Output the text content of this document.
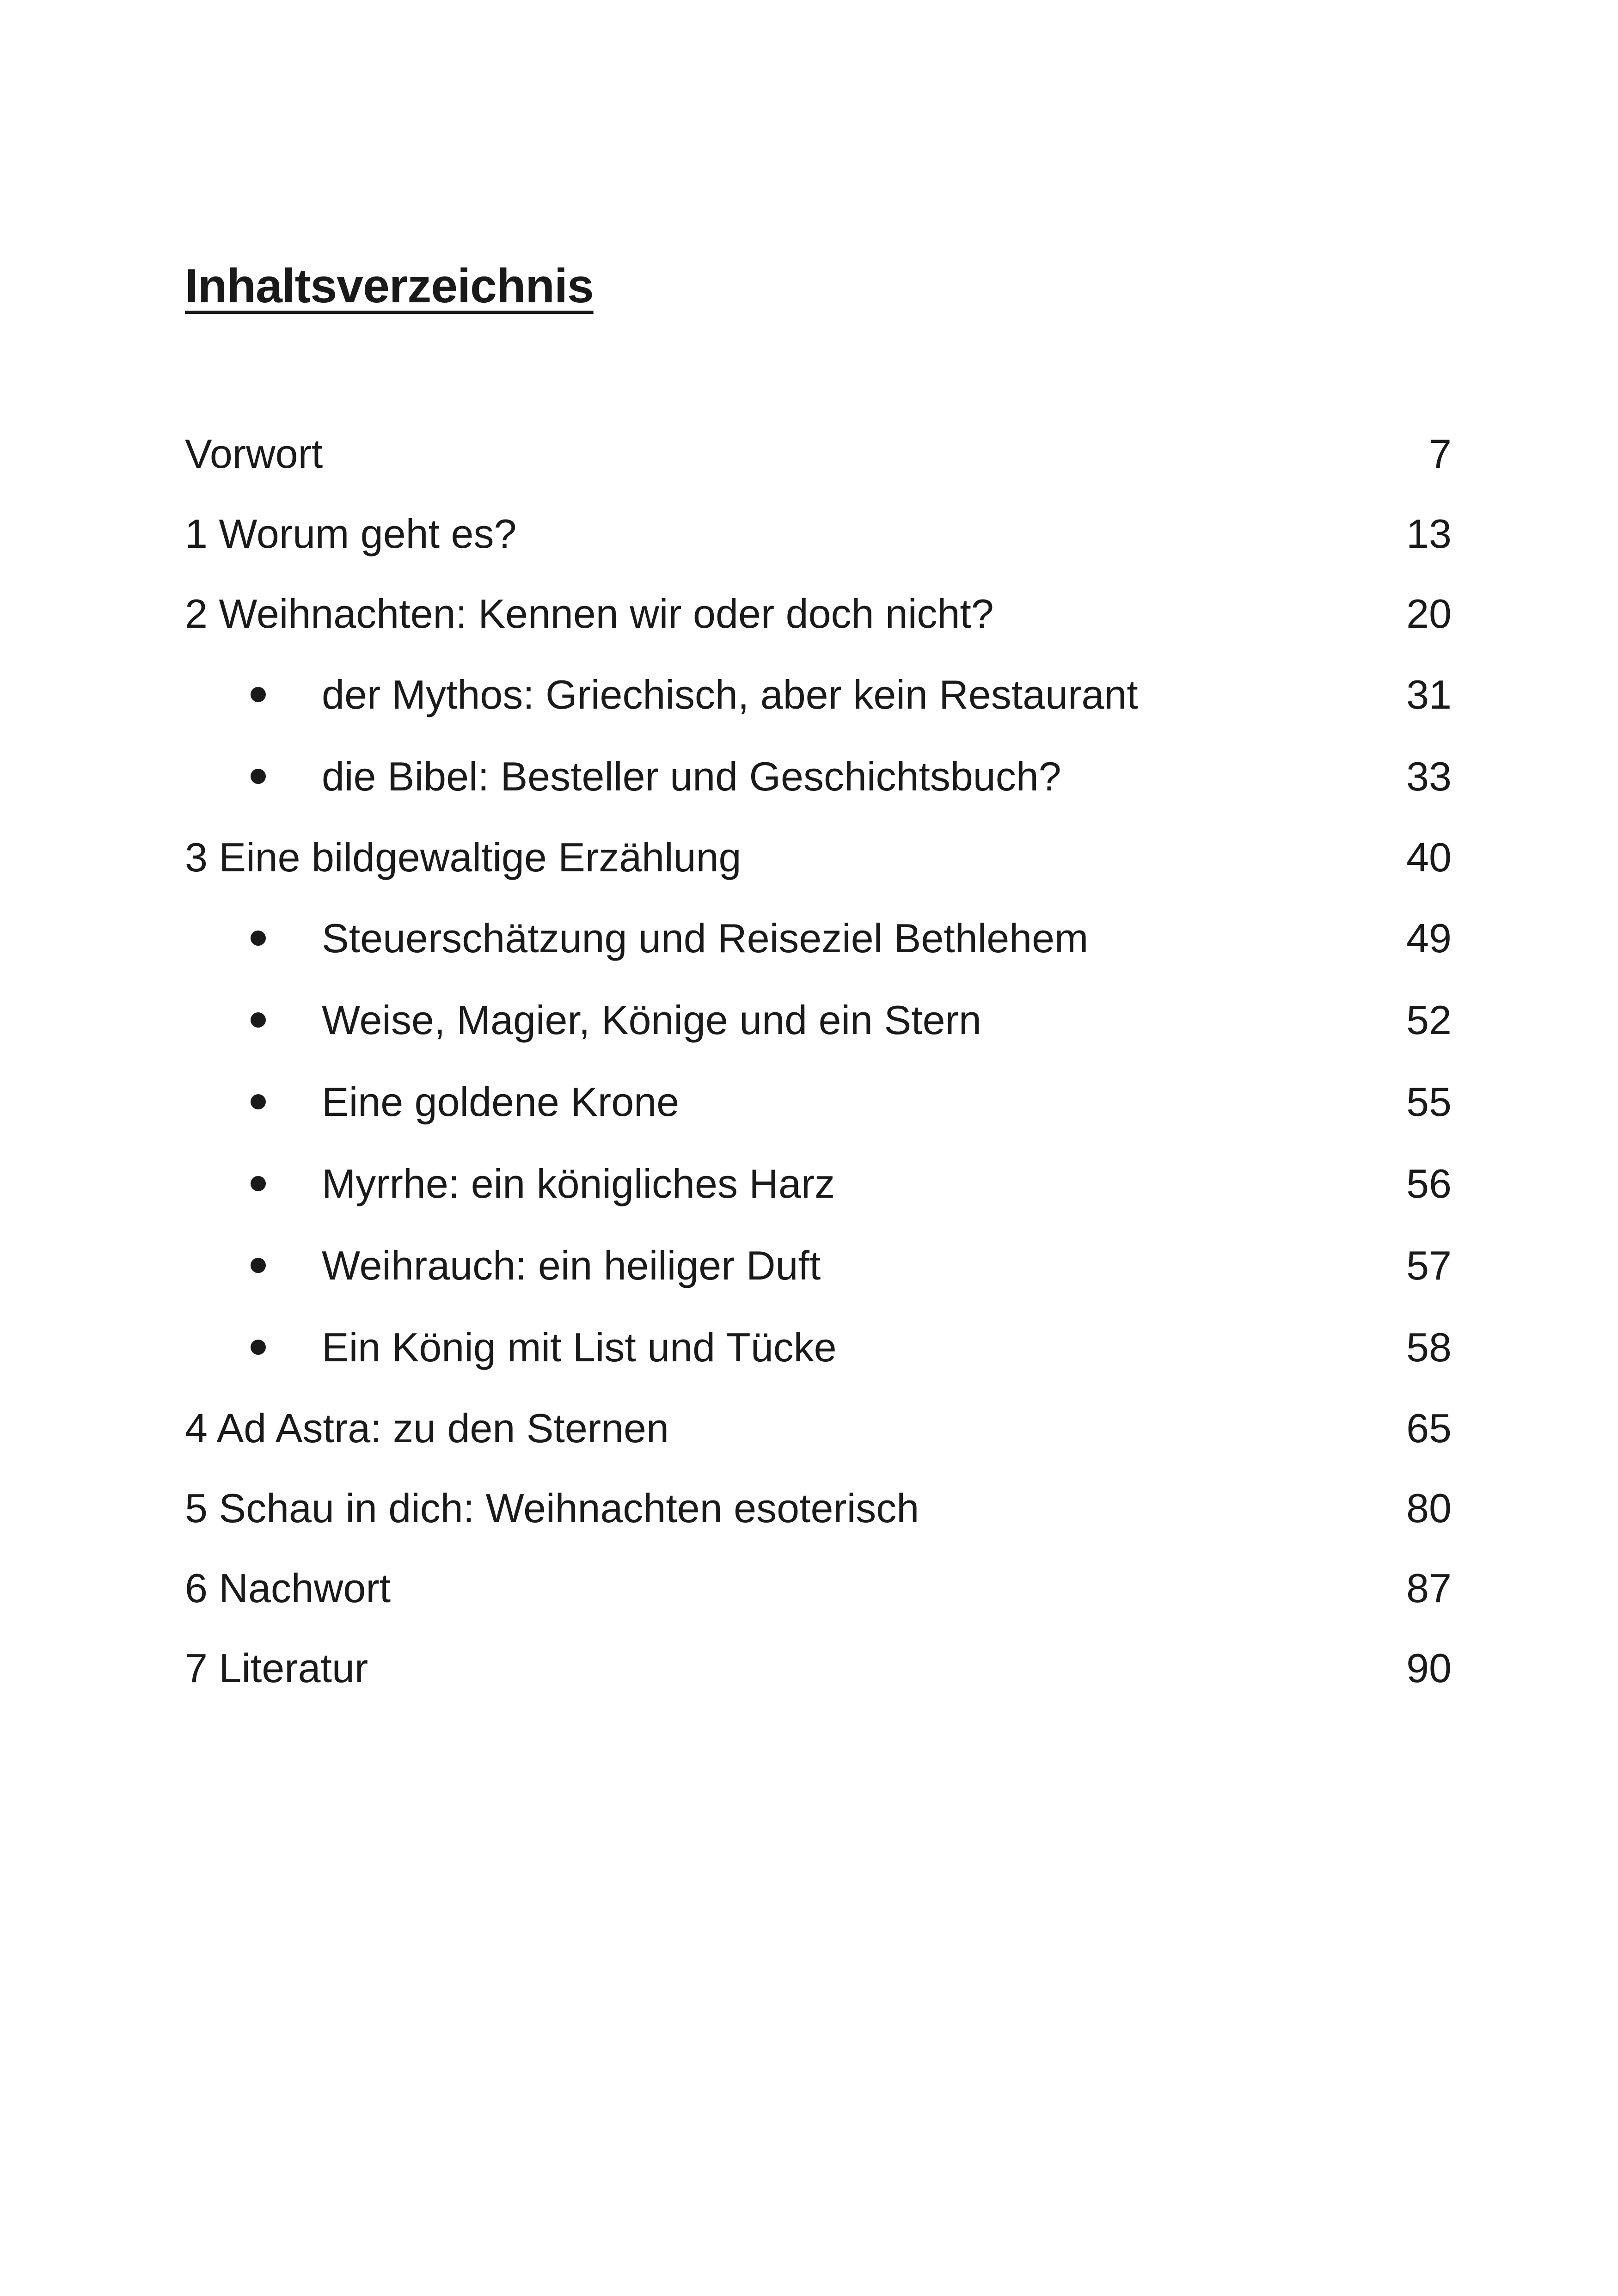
Inhaltsverzeichnis
Vorwort	7
1 Worum geht es?	13
2 Weihnachten: Kennen wir oder doch nicht?	20
der Mythos: Griechisch, aber kein Restaurant	31
die Bibel: Besteller und Geschichtsbuch?	33
3 Eine bildgewaltige Erzählung	40
Steuerschätzung und Reiseziel Bethlehem	49
Weise, Magier, Könige und ein Stern	52
Eine goldene Krone	55
Myrrhe: ein königliches Harz	56
Weihrauch: ein heiliger Duft	57
Ein König mit List und Tücke	58
4 Ad Astra: zu den Sternen	65
5 Schau in dich: Weihnachten esoterisch	80
6 Nachwort	87
7 Literatur	90
